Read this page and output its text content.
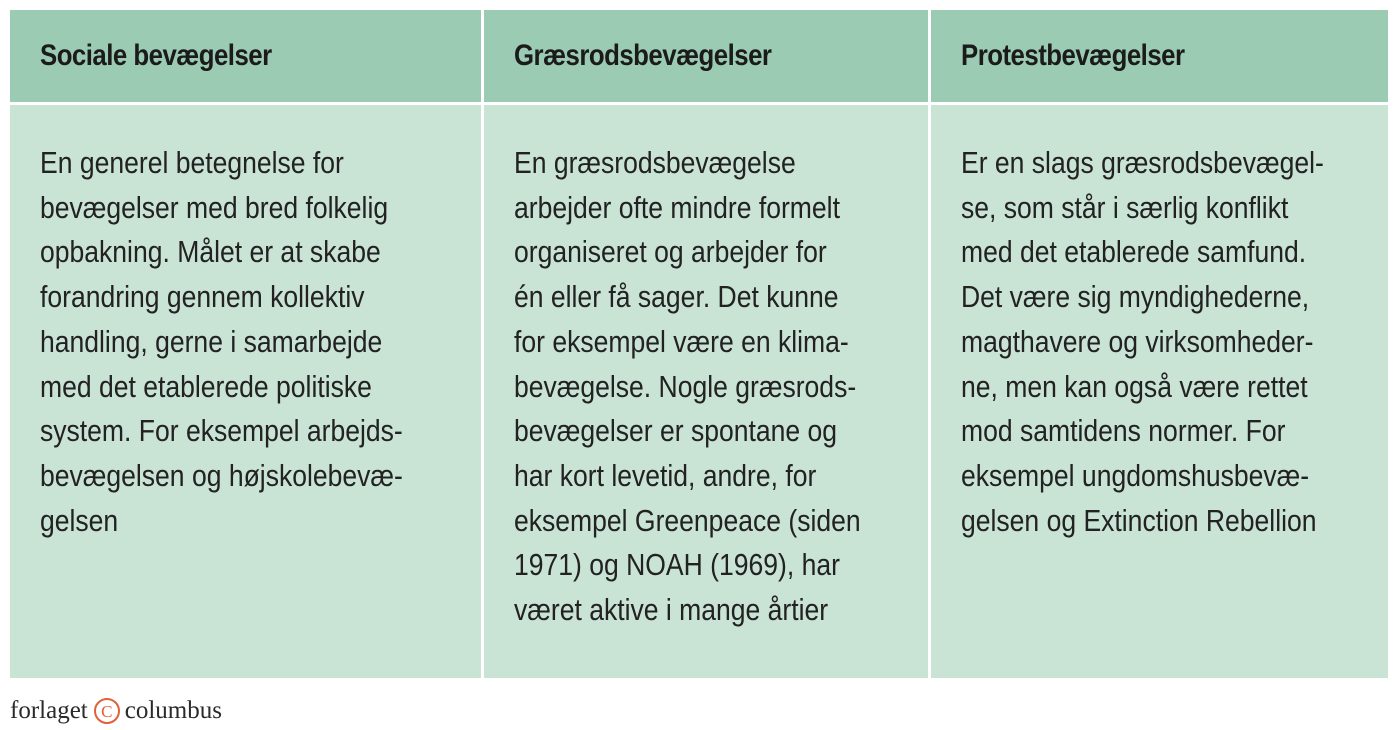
Sociale bevægelser	Græsrodsbevægelser	Protestbevægelser
En generel betegnelse for
bevægelser med bred folkelig
opbakning. Målet er at skabe
forandring gennem kollektiv
handling, gerne i samarbejde
med det etablerede politiske
system. For eksempel arbejds-
bevægelsen og højskolebevæ-
gelsen
En græsrodsbevægelse
arbejder ofte mindre formelt
organiseret og arbejder for
én eller få sager. Det kunne
for eksempel være en klima-
bevægelse. Nogle græsrods-
bevægelser er spontane og
har kort levetid, andre, for
eksempel Greenpeace (siden
1971) og NOAH (1969), har
været aktive i mange årtier
Er en slags græsrodsbevægel-
se, som står i særlig konflikt
med det etablerede samfund.
Det være sig myndighederne,
magthavere og virksomheder-
ne, men kan også være rettet
mod samtidens normer. For
eksempel ungdomshusbevæ-
gelsen og Extinction Rebellion
forlaget C columbus
